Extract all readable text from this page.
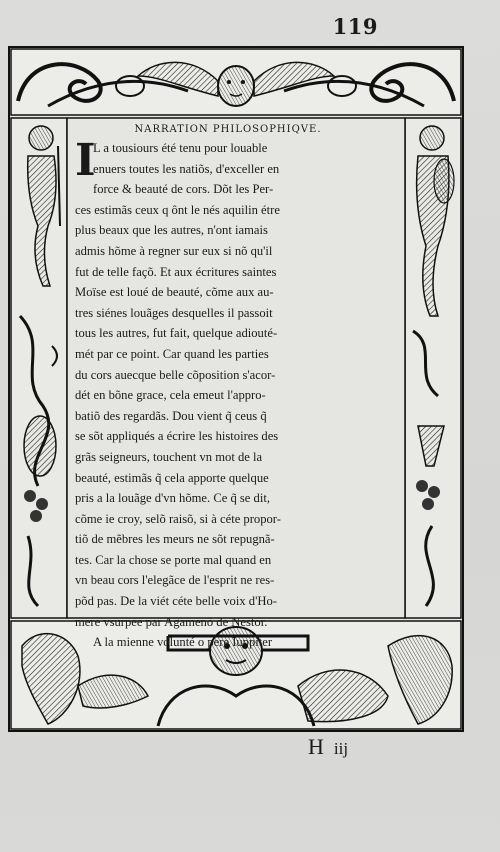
119
NARRATION PHILOSOPHIQVE.
I
L a tousiours été tenu pour louable
enuers toutes les natiõs, d'exceller en
force & beauté de cors. Dõt les Per-
ces estimãs ceux q ônt le nés aquilin étre
plus beaux que les autres, n'ont iamais
admis hõme à regner sur eux si nõ qu'il
fut de telle façõ. Et aux écritures saintes
Moïse est loué de beauté, cõme aux au-
tres siénes louãges desquelles il passoit
tous les autres, fut fait, quelque adiouté-
mét par ce point. Car quand les parties
du cors auecque belle cõposition s'acor-
dét en bõne grace, cela emeut l'appro-
batiõ des regardãs. Dou vient q̃ ceus q̃
se sõt appliqués a écrire les histoires des
grãs seigneurs, touchent vn mot de la
beauté, estimãs q̃ cela apporte quelque
pris a la louãge d'vn hõme. Ce q̃ se dit,
cõme ie croy, selõ raisõ, si à céte propor-
tiõ de mẽbres les meurs ne sõt repugnã-
tes. Car la chose se porte mal quand en
vn beau cors l'elegãce de l'esprit ne res-
põd pas. De la viét céte belle voix d'Ho-
mere vsurpée par Agamenõ de Nestor.
A la mienne volunté o pere Iuppiter
H iij
